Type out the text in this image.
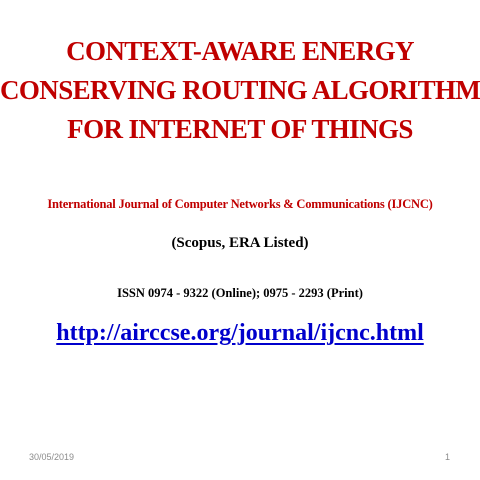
CONTEXT-AWARE ENERGY
CONSERVING ROUTING ALGORITHM
FOR INTERNET OF THINGS
International Journal of Computer Networks & Communications (IJCNC)
(Scopus, ERA Listed)
ISSN 0974 - 9322 (Online); 0975 - 2293 (Print)
http://airccse.org/journal/ijcnc.html
30/05/2019	1
